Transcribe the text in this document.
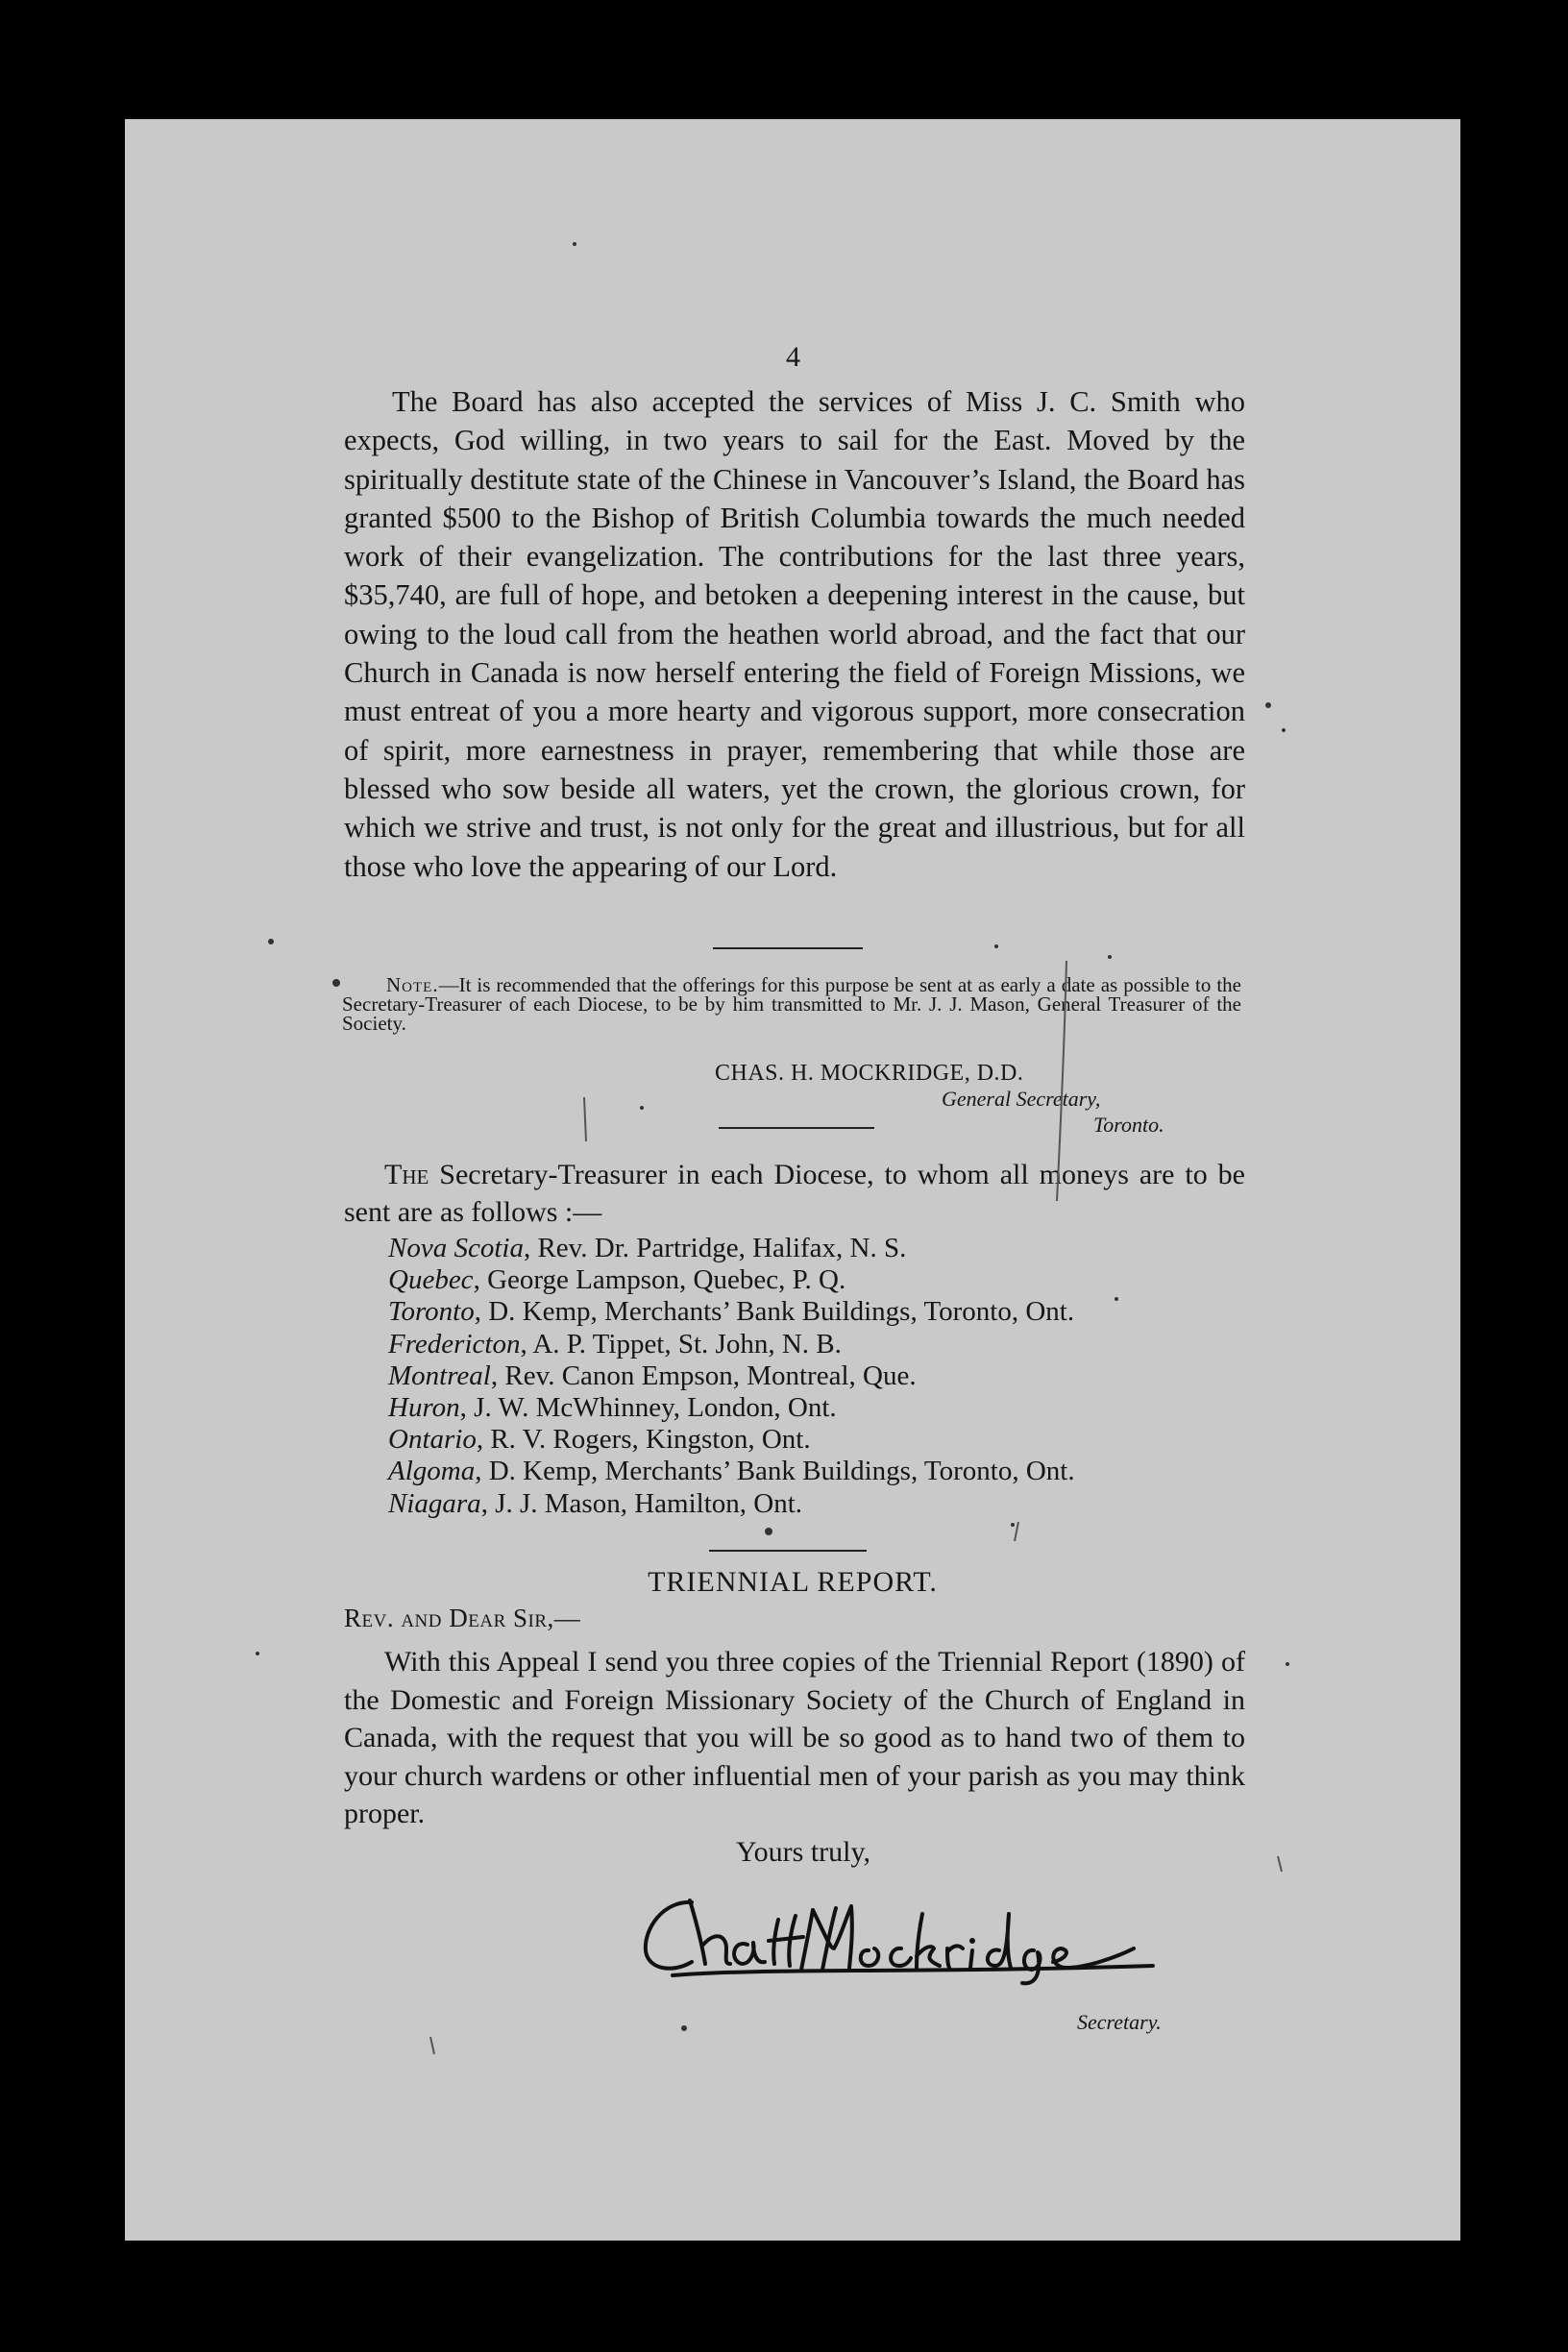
4

The Board has also accepted the services of Miss J. C. Smith who expects, God willing, in two years to sail for the East. Moved by the spiritually destitute state of the Chinese in Vancouver’s Island, the Board has granted $500 to the Bishop of British Columbia towards the much needed work of their evangelization. The contributions for the last three years, $35,740, are full of hope, and betoken a deepening interest in the cause, but owing to the loud call from the heathen world abroad, and the fact that our Church in Canada is now herself entering the field of Foreign Missions, we must entreat of you a more hearty and vigorous support, more consecration of spirit, more earnestness in prayer, remembering that while those are blessed who sow beside all waters, yet the crown, the glorious crown, for which we strive and trust, is not only for the great and illustrious, but for all those who love the appearing of our Lord.

Note.—It is recommended that the offerings for this purpose be sent at as early a date as possible to the Secretary-Treasurer of each Diocese, to be by him transmitted to Mr. J. J. Mason, General Treasurer of the Society.

CHAS. H. MOCKRIDGE, D.D.
General Secretary,
Toronto.

The Secretary-Treasurer in each Diocese, to whom all moneys are to be sent are as follows :—

Nova Scotia, Rev. Dr. Partridge, Halifax, N. S.
Quebec, George Lampson, Quebec, P. Q.
Toronto, D. Kemp, Merchants’ Bank Buildings, Toronto, Ont.
Fredericton, A. P. Tippet, St. John, N. B.
Montreal, Rev. Canon Empson, Montreal, Que.
Huron, J. W. McWhinney, London, Ont.
Ontario, R. V. Rogers, Kingston, Ont.
Algoma, D. Kemp, Merchants’ Bank Buildings, Toronto, Ont.
Niagara, J. J. Mason, Hamilton, Ont.
TRIENNIAL REPORT.
Rev. and Dear Sir,—

With this Appeal I send you three copies of the Triennial Report (1890) of the Domestic and Foreign Missionary Society of the Church of England in Canada, with the request that you will be so good as to hand two of them to your church wardens or other influential men of your parish as you may think proper.

Yours truly,
Secretary.
